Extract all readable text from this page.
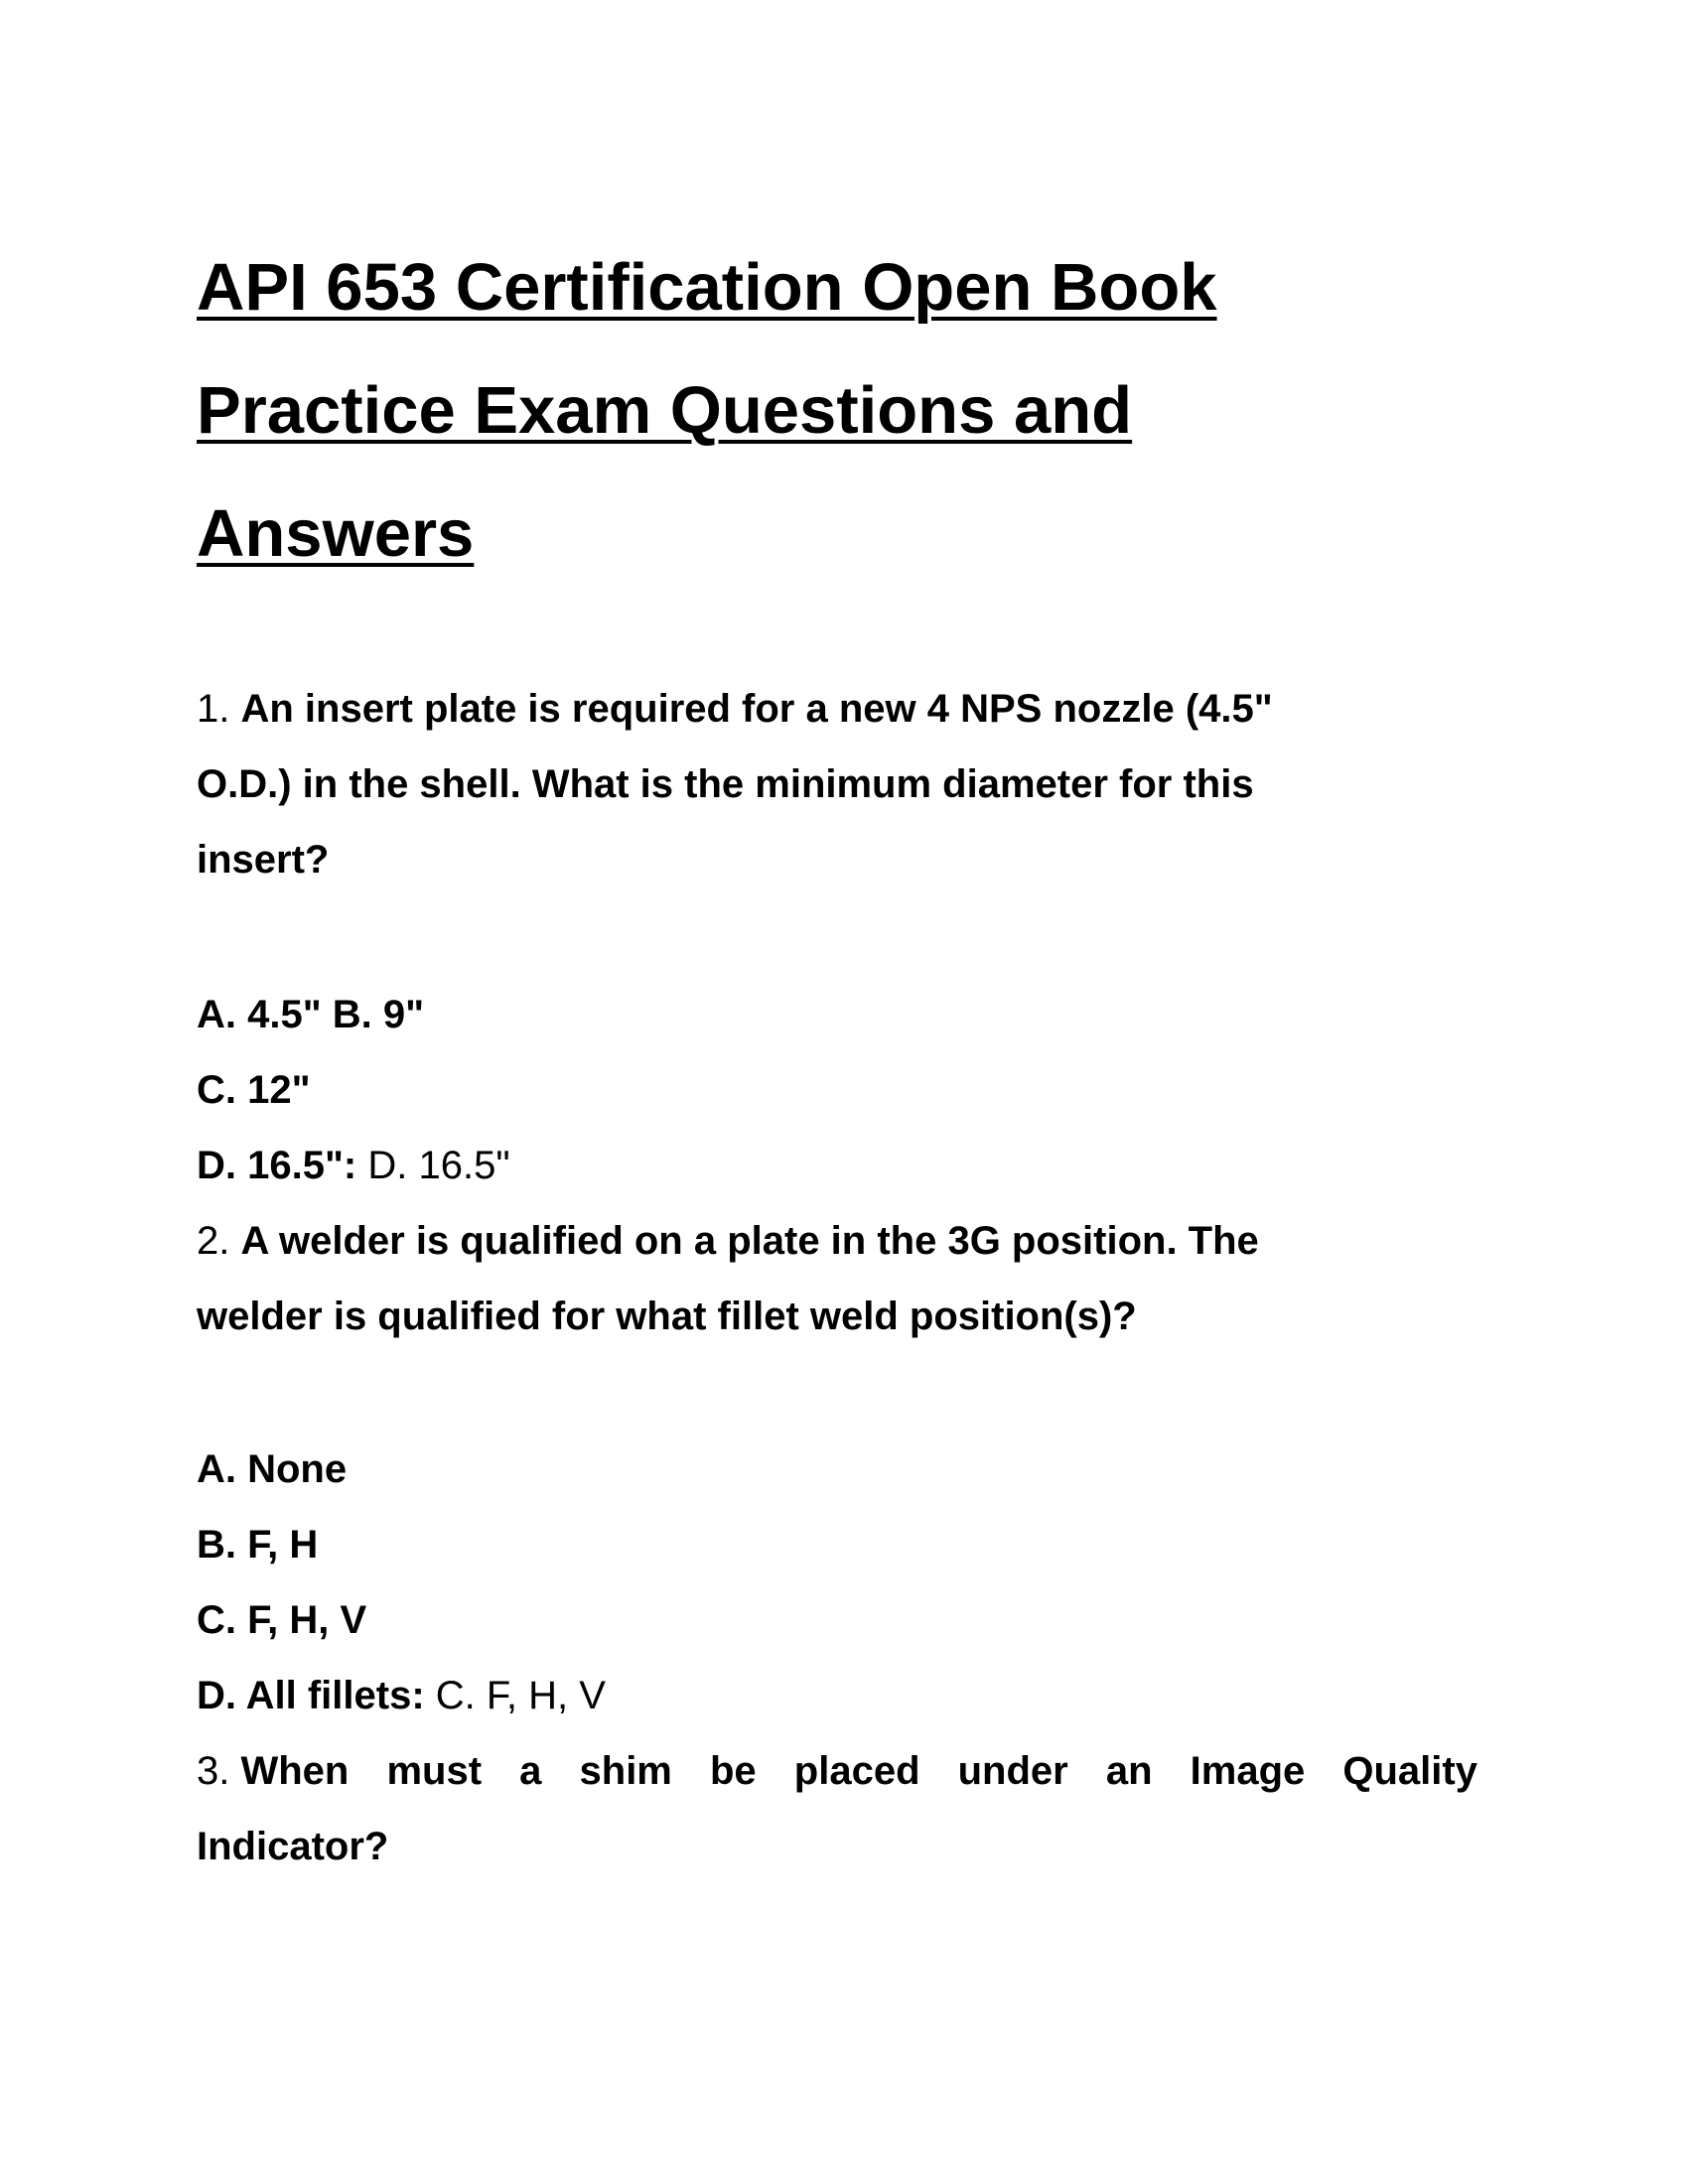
API 653 Certification Open Book
Practice Exam Questions and
Answers
1. An insert plate is required for a new 4 NPS nozzle (4.5"
O.D.) in the shell. What is the minimum diameter for this
insert?
A. 4.5" B. 9"
C. 12"
D. 16.5": D. 16.5"
2. A welder is qualified on a plate in the 3G position. The
welder is qualified for what fillet weld position(s)?
A. None
B. F, H
C. F, H, V
D. All fillets: C. F, H, V
3. When must a shim be placed under an Image Quality
Indicator?
